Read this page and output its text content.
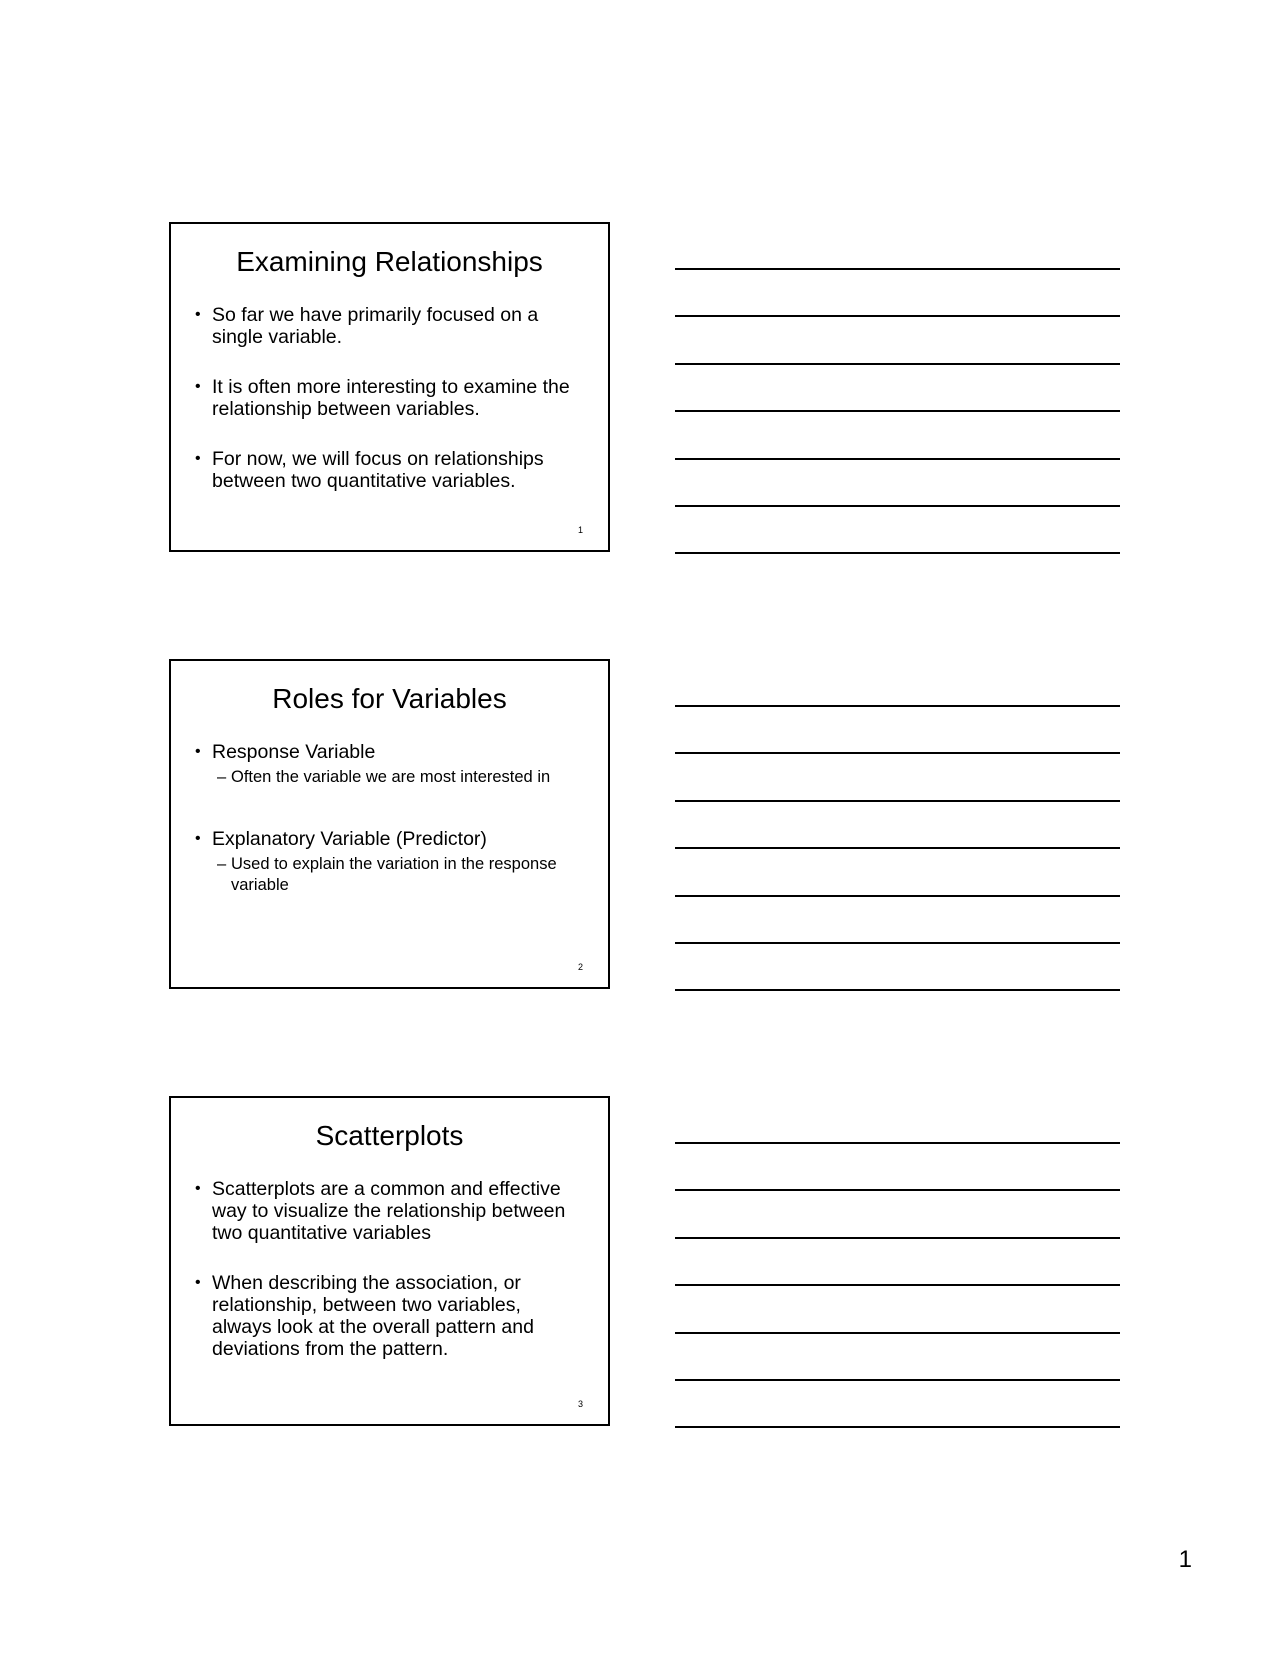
Examining Relationships
• So far we have primarily focused on a single variable.
• It is often more interesting to examine the relationship between variables.
• For now, we will focus on relationships between two quantitative variables.
1
Roles for Variables
• Response Variable
– Often the variable we are most interested in
• Explanatory Variable (Predictor)
– Used to explain the variation in the response variable
2
Scatterplots
• Scatterplots are a common and effective way to visualize the relationship between two quantitative variables
• When describing the association, or relationship, between two variables, always look at the overall pattern and deviations from the pattern.
3
1
